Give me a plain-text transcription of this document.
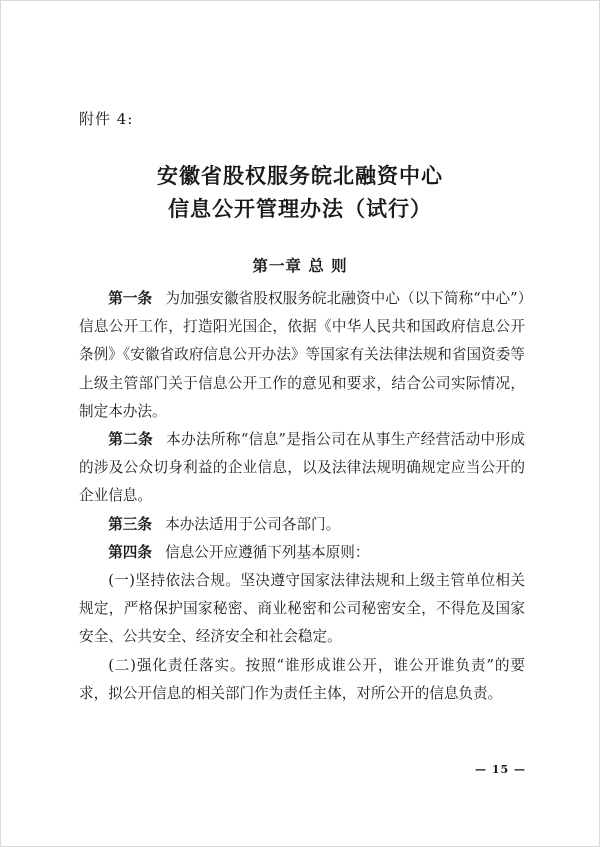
附件 4:
安徽省股权服务皖北融资中心
信息公开管理办法（试行）
第一章 总 则

第一条 为加强安徽省股权服务皖北融资中心（以下简称“中心”）信息公开工作，打造阳光国企，依据《中华人民共和国政府信息公开条例》《安徽省政府信息公开办法》等国家有关法律法规和省国资委等上级主管部门关于信息公开工作的意见和要求，结合公司实际情况，制定本办法。

第二条 本办法所称“信息”是指公司在从事生产经营活动中形成的涉及公众切身利益的企业信息，以及法律法规明确规定应当公开的企业信息。

第三条 本办法适用于公司各部门。

第四条 信息公开应遵循下列基本原则：

(一)坚持依法合规。坚决遵守国家法律法规和上级主管单位相关规定，严格保护国家秘密、商业秘密和公司秘密安全，不得危及国家安全、公共安全、经济安全和社会稳定。

(二)强化责任落实。按照“谁形成谁公开，谁公开谁负责”的要求，拟公开信息的相关部门作为责任主体，对所公开的信息负责。

— 15 —
